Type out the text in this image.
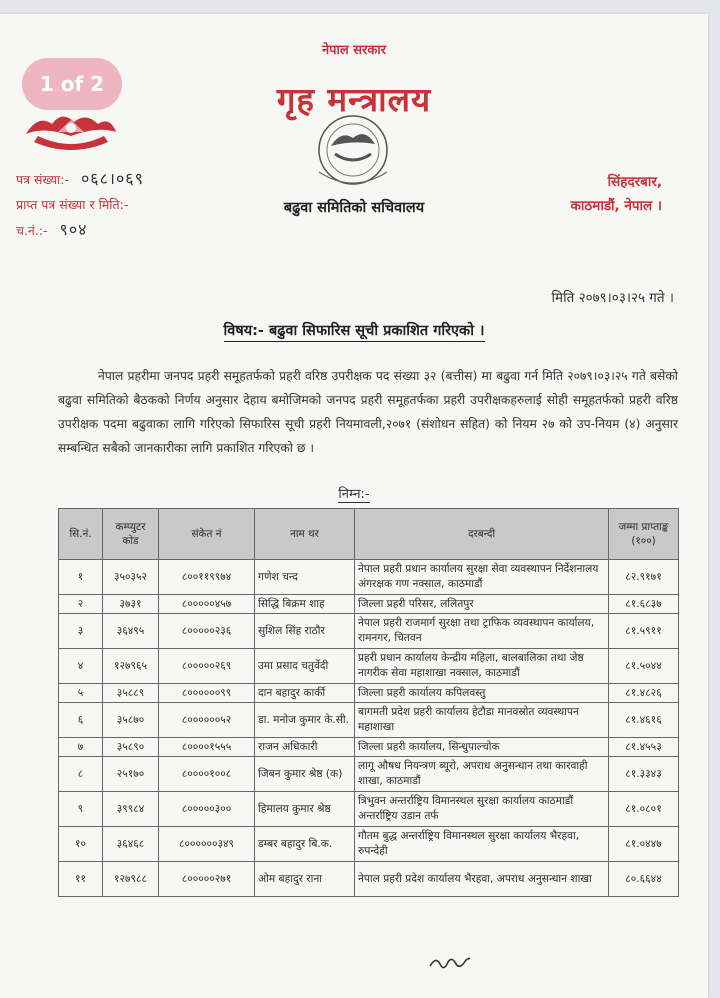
1 of 2
नेपाल सरकार
गृह मन्त्रालय
पत्र संख्या:- ०६८।०६९
प्राप्त पत्र संख्या र मिति:-
च.नं.:- ९०४
बढुवा समितिको सचिवालय
सिंहदरबार,
काठमाडौं, नेपाल ।
मिति २०७९।०३।२५ गते ।
विषय:- बढुवा सिफारिस सूची प्रकाशित गरिएको ।
नेपाल प्रहरीमा जनपद प्रहरी समूहतर्फको प्रहरी वरिष्ठ उपरीक्षक पद संख्या ३२ (बत्तीस) मा बढुवा गर्न मिति २०७९।०३।२५ गते बसेको बढुवा समितिको बैठकको निर्णय अनुसार देहाय बमोजिमको जनपद प्रहरी समूहतर्फका प्रहरी उपरीक्षकहरुलाई सोही समूहतर्फको प्रहरी वरिष्ठ उपरीक्षक पदमा बढुवाका लागि गरिएको सिफारिस सूची प्रहरी नियमावली,२०७१ (संशोधन सहित) को नियम २७ को उप-नियम (४) अनुसार सम्बन्धित सबैको जानकारीका लागि प्रकाशित गरिएको छ ।
निम्न:-
सि.नं.	कम्प्युटर कोड	संकेत नं	नाम थर	दरबन्दी	जम्मा प्राप्ताङ्क (१००)
१	३५०३५२	८००११९९७४	गणेश चन्द	नेपाल प्रहरी प्रधान कार्यालय सुरक्षा सेवा व्यवस्थापन निर्देशनालय अंगरक्षक गण नक्साल, काठमाडौं	८२.९१७१
२	३७३१	८०००००४५७	सिद्धि बिक्रम शाह	जिल्ला प्रहरी परिसर, ललितपुर	८१.६८३७
३	३६४९५	८०००००२३६	सुशिल सिंह राठौर	नेपाल प्रहरी राजमार्ग सुरक्षा तथा ट्राफिक व्यवस्थापन कार्यालय, रामनगर, चितवन	८१.५९११
४	१२७९६५	८०००००२६९	उमा प्रसाद चतुर्वेदी	प्रहरी प्रधान कार्यालय केन्द्रीय महिला, बालबालिका तथा जेष्ठ नागरीक सेवा महाशाखा नक्साल, काठमाडौं	८१.५०४४
५	३५८८९	८००००००९९	दान बहादुर कार्की	जिल्ला प्रहरी कार्यालय कपिलवस्तु	८१.४८२६
६	३५८७०	८००००००५२	डा. मनोज कुमार के.सी.	बागमती प्रदेश प्रहरी कार्यालय हेटौडा मानवस्रोत व्यवस्थापन महाशाखा	८१.४६१६
७	३५८९०	८००००१५५५	राजन अधिकारी	जिल्ला प्रहरी कार्यालय, सिन्धुपाल्चोक	८१.४५५३
८	२५१७०	८००००१००८	जिबन कुमार श्रेष्ठ (क)	लागू औषध नियन्त्रण ब्यूरो, अपराध अनुसन्धान तथा कारवाही शाखा, काठमाडौं	८१.३३४३
९	३९९८४	८०००००३००	हिमालय कुमार श्रेष्ठ	त्रिभुवन अन्तर्राष्ट्रिय विमानस्थल सुरक्षा कार्यालय काठमाडौं अन्तर्राष्ट्रिय उडान तर्फ	८१.०८०१
१०	३६४६८	८००००००३४९	डम्बर बहादुर बि.क.	गौतम बुद्ध अन्तर्राष्ट्रिय विमानस्थल सुरक्षा कार्यालय भैरहवा, रुपन्देही	८१.०४४७
११	१२७९८८	८०००००२७१	ओम बहादुर राना	नेपाल प्रहरी प्रदेश कार्यालय भैरहवा, अपराध अनुसन्धान शाखा	८०.६६४४
